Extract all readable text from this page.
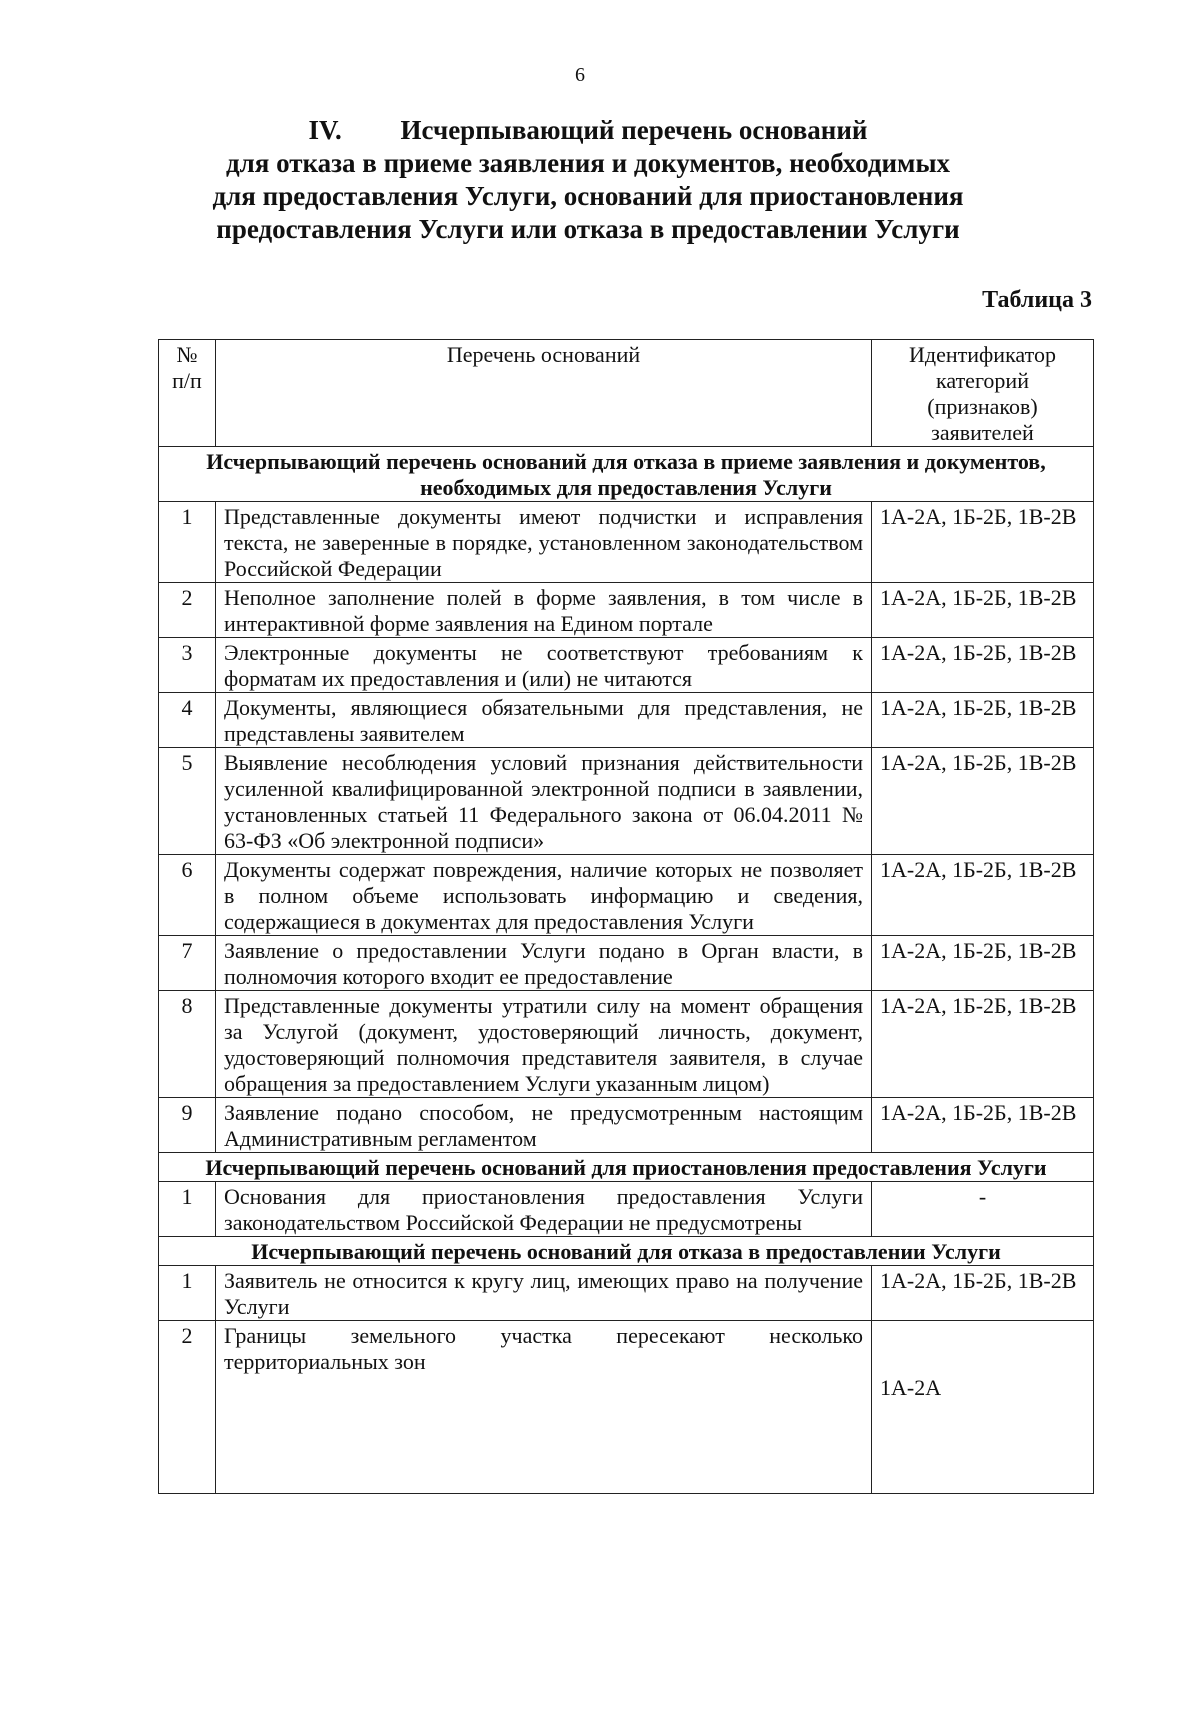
6
IV. Исчерпывающий перечень оснований
для отказа в приеме заявления и документов, необходимых
для предоставления Услуги, оснований для приостановления
предоставления Услуги или отказа в предоставлении Услуги
Таблица 3
№ п/п	Перечень оснований	Идентификатор категорий (признаков) заявителей
Исчерпывающий перечень оснований для отказа в приеме заявления и документов, необходимых для предоставления Услуги		
1	Представленные документы имеют подчистки и исправления текста, не заверенные в порядке, установленном законодательством Российской Федерации	1А-2А, 1Б-2Б, 1В-2В
2	Неполное заполнение полей в форме заявления, в том числе в интерактивной форме заявления на Едином портале	1А-2А, 1Б-2Б, 1В-2В
3	Электронные документы не соответствуют требованиям к форматам их предоставления и (или) не читаются	1А-2А, 1Б-2Б, 1В-2В
4	Документы, являющиеся обязательными для представления, не представлены заявителем	1А-2А, 1Б-2Б, 1В-2В
5	Выявление несоблюдения условий признания действительности усиленной квалифицированной электронной подписи в заявлении, установленных статьей 11 Федерального закона от 06.04.2011 № 63-ФЗ «Об электронной подписи»	1А-2А, 1Б-2Б, 1В-2В
6	Документы содержат повреждения, наличие которых не позволяет в полном объеме использовать информацию и сведения, содержащиеся в документах для предоставления Услуги	1А-2А, 1Б-2Б, 1В-2В
7	Заявление о предоставлении Услуги подано в Орган власти, в полномочия которого входит ее предоставление	1А-2А, 1Б-2Б, 1В-2В
8	Представленные документы утратили силу на момент обращения за Услугой (документ, удостоверяющий личность, документ, удостоверяющий полномочия представителя заявителя, в случае обращения за предоставлением Услуги указанным лицом)	1А-2А, 1Б-2Б, 1В-2В
9	Заявление подано способом, не предусмотренным настоящим Административным регламентом	1А-2А, 1Б-2Б, 1В-2В
Исчерпывающий перечень оснований для приостановления предоставления Услуги		
1	Основания для приостановления предоставления Услуги законодательством Российской Федерации не предусмотрены	-
Исчерпывающий перечень оснований для отказа в предоставлении Услуги		
1	Заявитель не относится к кругу лиц, имеющих право на получение Услуги	1А-2А, 1Б-2Б, 1В-2В
2	Границы земельного участка пересекают несколько территориальных зон	1А-2А
